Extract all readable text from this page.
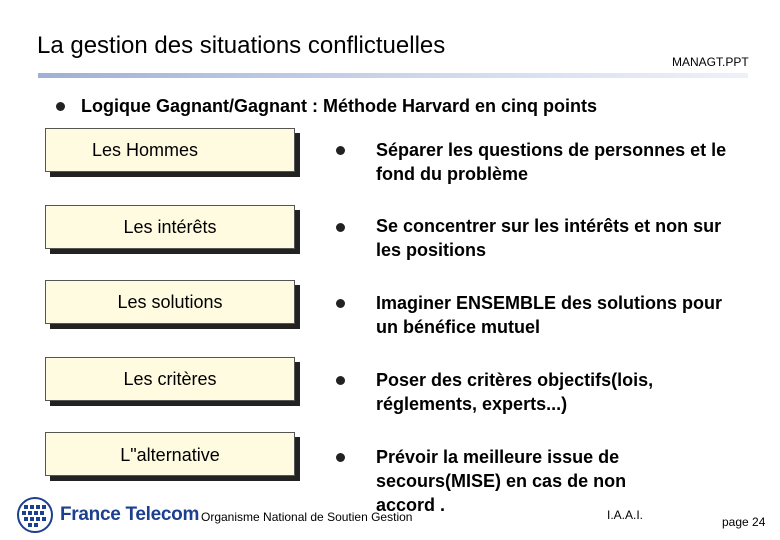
La gestion des situations conflictuelles
MANAGT.PPT
Logique Gagnant/Gagnant : Méthode Harvard en cinq points
Les Hommes	Séparer les questions de personnes et le fond du problème
Les intérêts	Se concentrer sur les intérêts et non sur les positions
Les solutions	Imaginer ENSEMBLE des solutions pour un bénéfice mutuel
Les critères	Poser des critères objectifs(lois, réglements, experts...)
L"alternative	Prévoir la meilleure issue de secours(MISE) en cas de non accord .
France Telecom Organisme National de Soutien Gestion	I.A.A.I.	page 24
